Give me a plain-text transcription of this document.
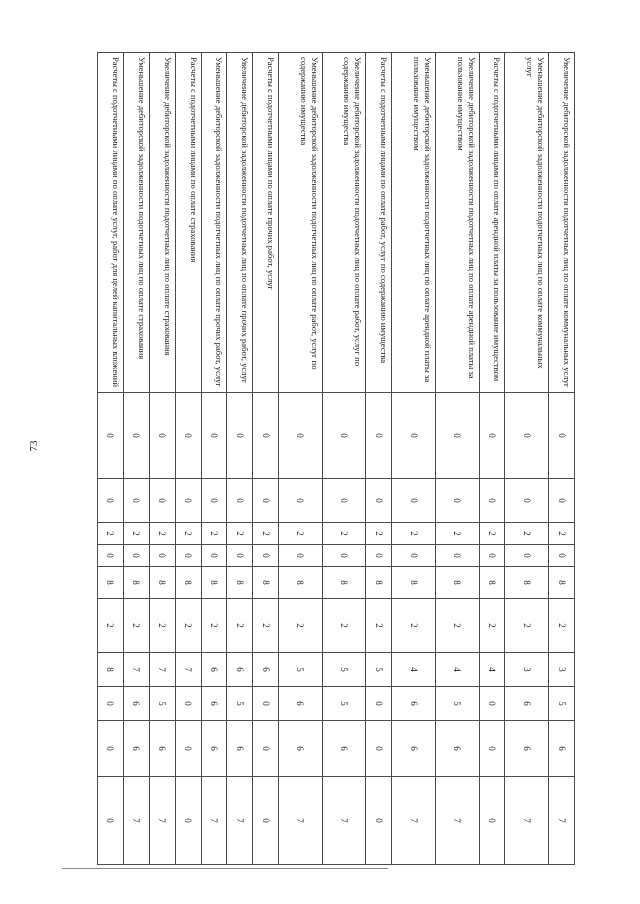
73
Увеличение дебиторской задолженности подотчетных лиц по оплате коммунальных услуг	0	0	2	0	8	2	3	5	6	7
Уменьшение дебиторской задолженности подотчетных лиц по оплате коммунальных услуг	0	0	2	0	8	2	3	6	6	7
Расчеты с подотчетными лицами по оплате арендной платы за пользование имуществом	0	0	2	0	8	2	4	0	0	0
Увеличение дебиторской задолженности подотчетных лиц по оплате арендной платы за пользование имуществом	0	0	2	0	8	2	4	5	6	7
Уменьшение дебиторской задолженности подотчетных лиц по оплате арендной платы за пользование имуществом	0	0	2	0	8	2	4	6	6	7
Расчеты с подотчетными лицами по оплате работ, услуг по содержанию имущества	0	0	2	0	8	2	5	0	0	0
Увеличение дебиторской задолженности подотчетных лиц по оплате работ, услуг по содержанию имущества	0	0	2	0	8	2	5	5	6	7
Уменьшение дебиторской задолженности подотчетных лиц по оплате работ, услуг по содержанию имущества	0	0	2	0	8	2	5	6	6	7
Расчеты с подотчетными лицами по оплате прочих работ, услуг	0	0	2	0	8	2	6	0	0	0
Увеличение дебиторской задолженности подотчетных лиц по оплате прочих работ, услуг	0	0	2	0	8	2	6	5	6	7
Уменьшение дебиторской задолженности подотчетных лиц по оплате прочих работ, услуг	0	0	2	0	8	2	6	6	6	7
Расчеты с подотчетными лицами по оплате страхования	0	0	2	0	8	2	7	0	0	0
Увеличение дебиторской задолженности подотчетных лиц по оплате страхования	0	0	2	0	8	2	7	5	6	7
Уменьшение дебиторской задолженности подотчетных лиц по оплате страхования	0	0	2	0	8	2	7	6	6	7
Расчеты с подотчетными лицами по оплате услуг, работ для целей капитальных вложений	0	0	2	0	8	2	8	0	0	0
